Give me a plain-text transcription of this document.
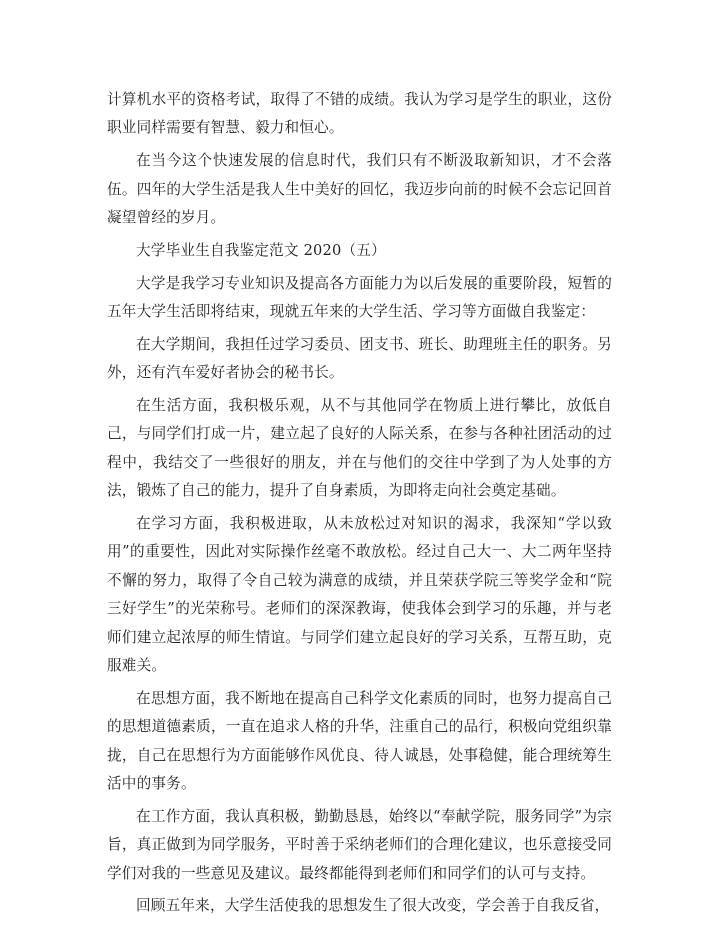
计算机水平的资格考试，取得了不错的成绩。我认为学习是学生的职业，这份职业同样需要有智慧、毅力和恒心。

在当今这个快速发展的信息时代，我们只有不断汲取新知识，才不会落伍。四年的大学生活是我人生中美好的回忆，我迈步向前的时候不会忘记回首凝望曾经的岁月。

大学毕业生自我鉴定范文 2020（五）

大学是我学习专业知识及提高各方面能力为以后发展的重要阶段，短暂的五年大学生活即将结束，现就五年来的大学生活、学习等方面做自我鉴定：

在大学期间，我担任过学习委员、团支书、班长、助理班主任的职务。另外，还有汽车爱好者协会的秘书长。

在生活方面，我积极乐观，从不与其他同学在物质上进行攀比，放低自己，与同学们打成一片，建立起了良好的人际关系，在参与各种社团活动的过程中，我结交了一些很好的朋友，并在与他们的交往中学到了为人处事的方法，锻炼了自己的能力，提升了自身素质，为即将走向社会奠定基础。

在学习方面，我积极进取，从未放松过对知识的渴求，我深知“学以致用”的重要性，因此对实际操作丝毫不敢放松。经过自己大一、大二两年坚持不懈的努力，取得了令自己较为满意的成绩，并且荣获学院三等奖学金和“院三好学生”的光荣称号。老师们的深深教诲，使我体会到学习的乐趣，并与老师们建立起浓厚的师生情谊。与同学们建立起良好的学习关系，互帮互助，克服难关。

在思想方面，我不断地在提高自己科学文化素质的同时，也努力提高自己的思想道德素质，一直在追求人格的升华，注重自己的品行，积极向党组织靠拢，自己在思想行为方面能够作风优良、待人诚恳，处事稳健，能合理统筹生活中的事务。

在工作方面，我认真积极，勤勤恳恳，始终以“奉献学院，服务同学”为宗旨，真正做到为同学服务，平时善于采纳老师们的合理化建议，也乐意接受同学们对我的一些意见及建议。最终都能得到老师们和同学们的认可与支持。

回顾五年来，大学生活使我的思想发生了很大改变，学会善于自我反省，
